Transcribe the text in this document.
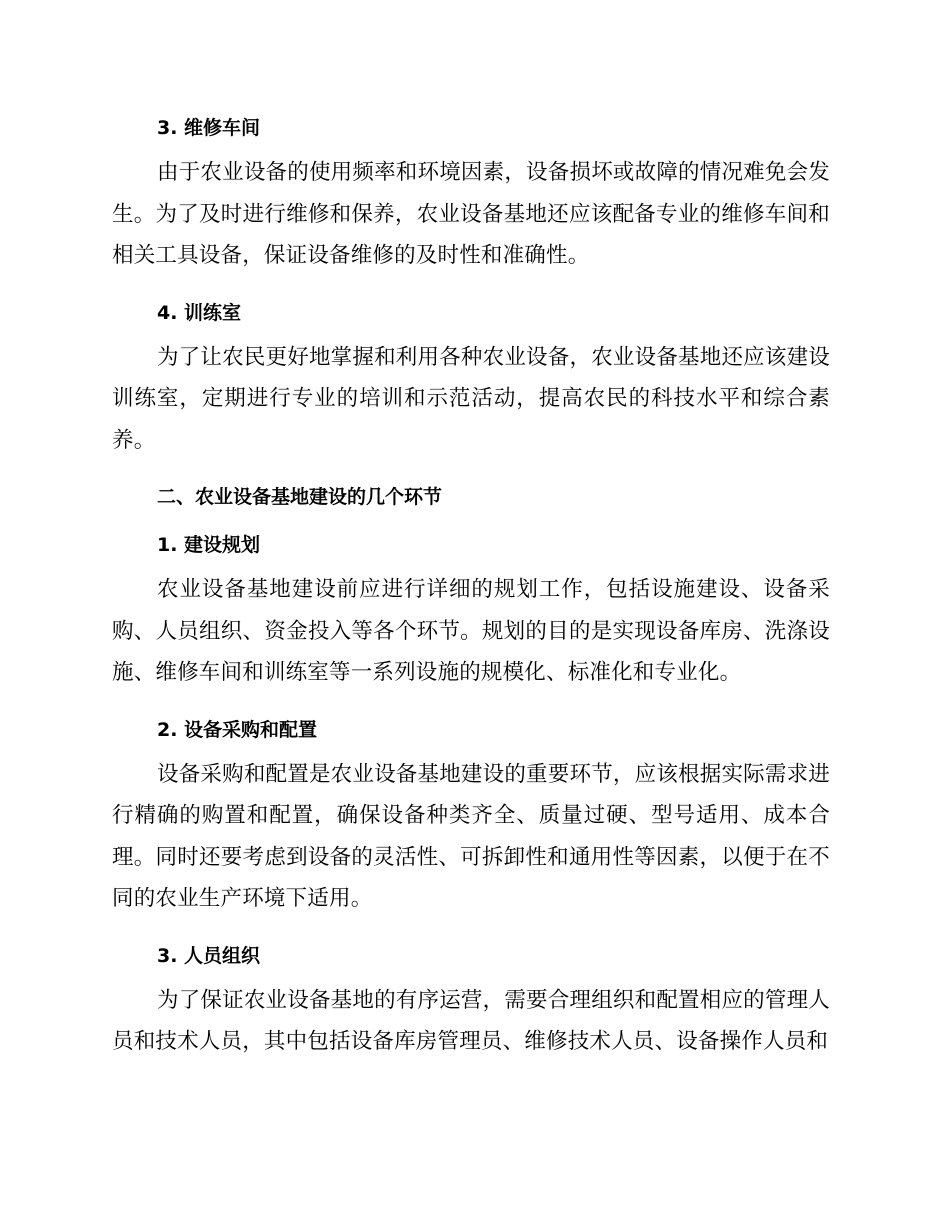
3. 维修车间

由于农业设备的使用频率和环境因素，设备损坏或故障的情况难免会发生。为了及时进行维修和保养，农业设备基地还应该配备专业的维修车间和相关工具设备，保证设备维修的及时性和准确性。

4. 训练室

为了让农民更好地掌握和利用各种农业设备，农业设备基地还应该建设训练室，定期进行专业的培训和示范活动，提高农民的科技水平和综合素养。

二、农业设备基地建设的几个环节
1. 建设规划

农业设备基地建设前应进行详细的规划工作，包括设施建设、设备采购、人员组织、资金投入等各个环节。规划的目的是实现设备库房、洗涤设施、维修车间和训练室等一系列设施的规模化、标准化和专业化。

2. 设备采购和配置

设备采购和配置是农业设备基地建设的重要环节，应该根据实际需求进行精确的购置和配置，确保设备种类齐全、质量过硬、型号适用、成本合理。同时还要考虑到设备的灵活性、可拆卸性和通用性等因素，以便于在不同的农业生产环境下适用。

3. 人员组织

为了保证农业设备基地的有序运营，需要合理组织和配置相应的管理人员和技术人员，其中包括设备库房管理员、维修技术人员、设备操作人员和
